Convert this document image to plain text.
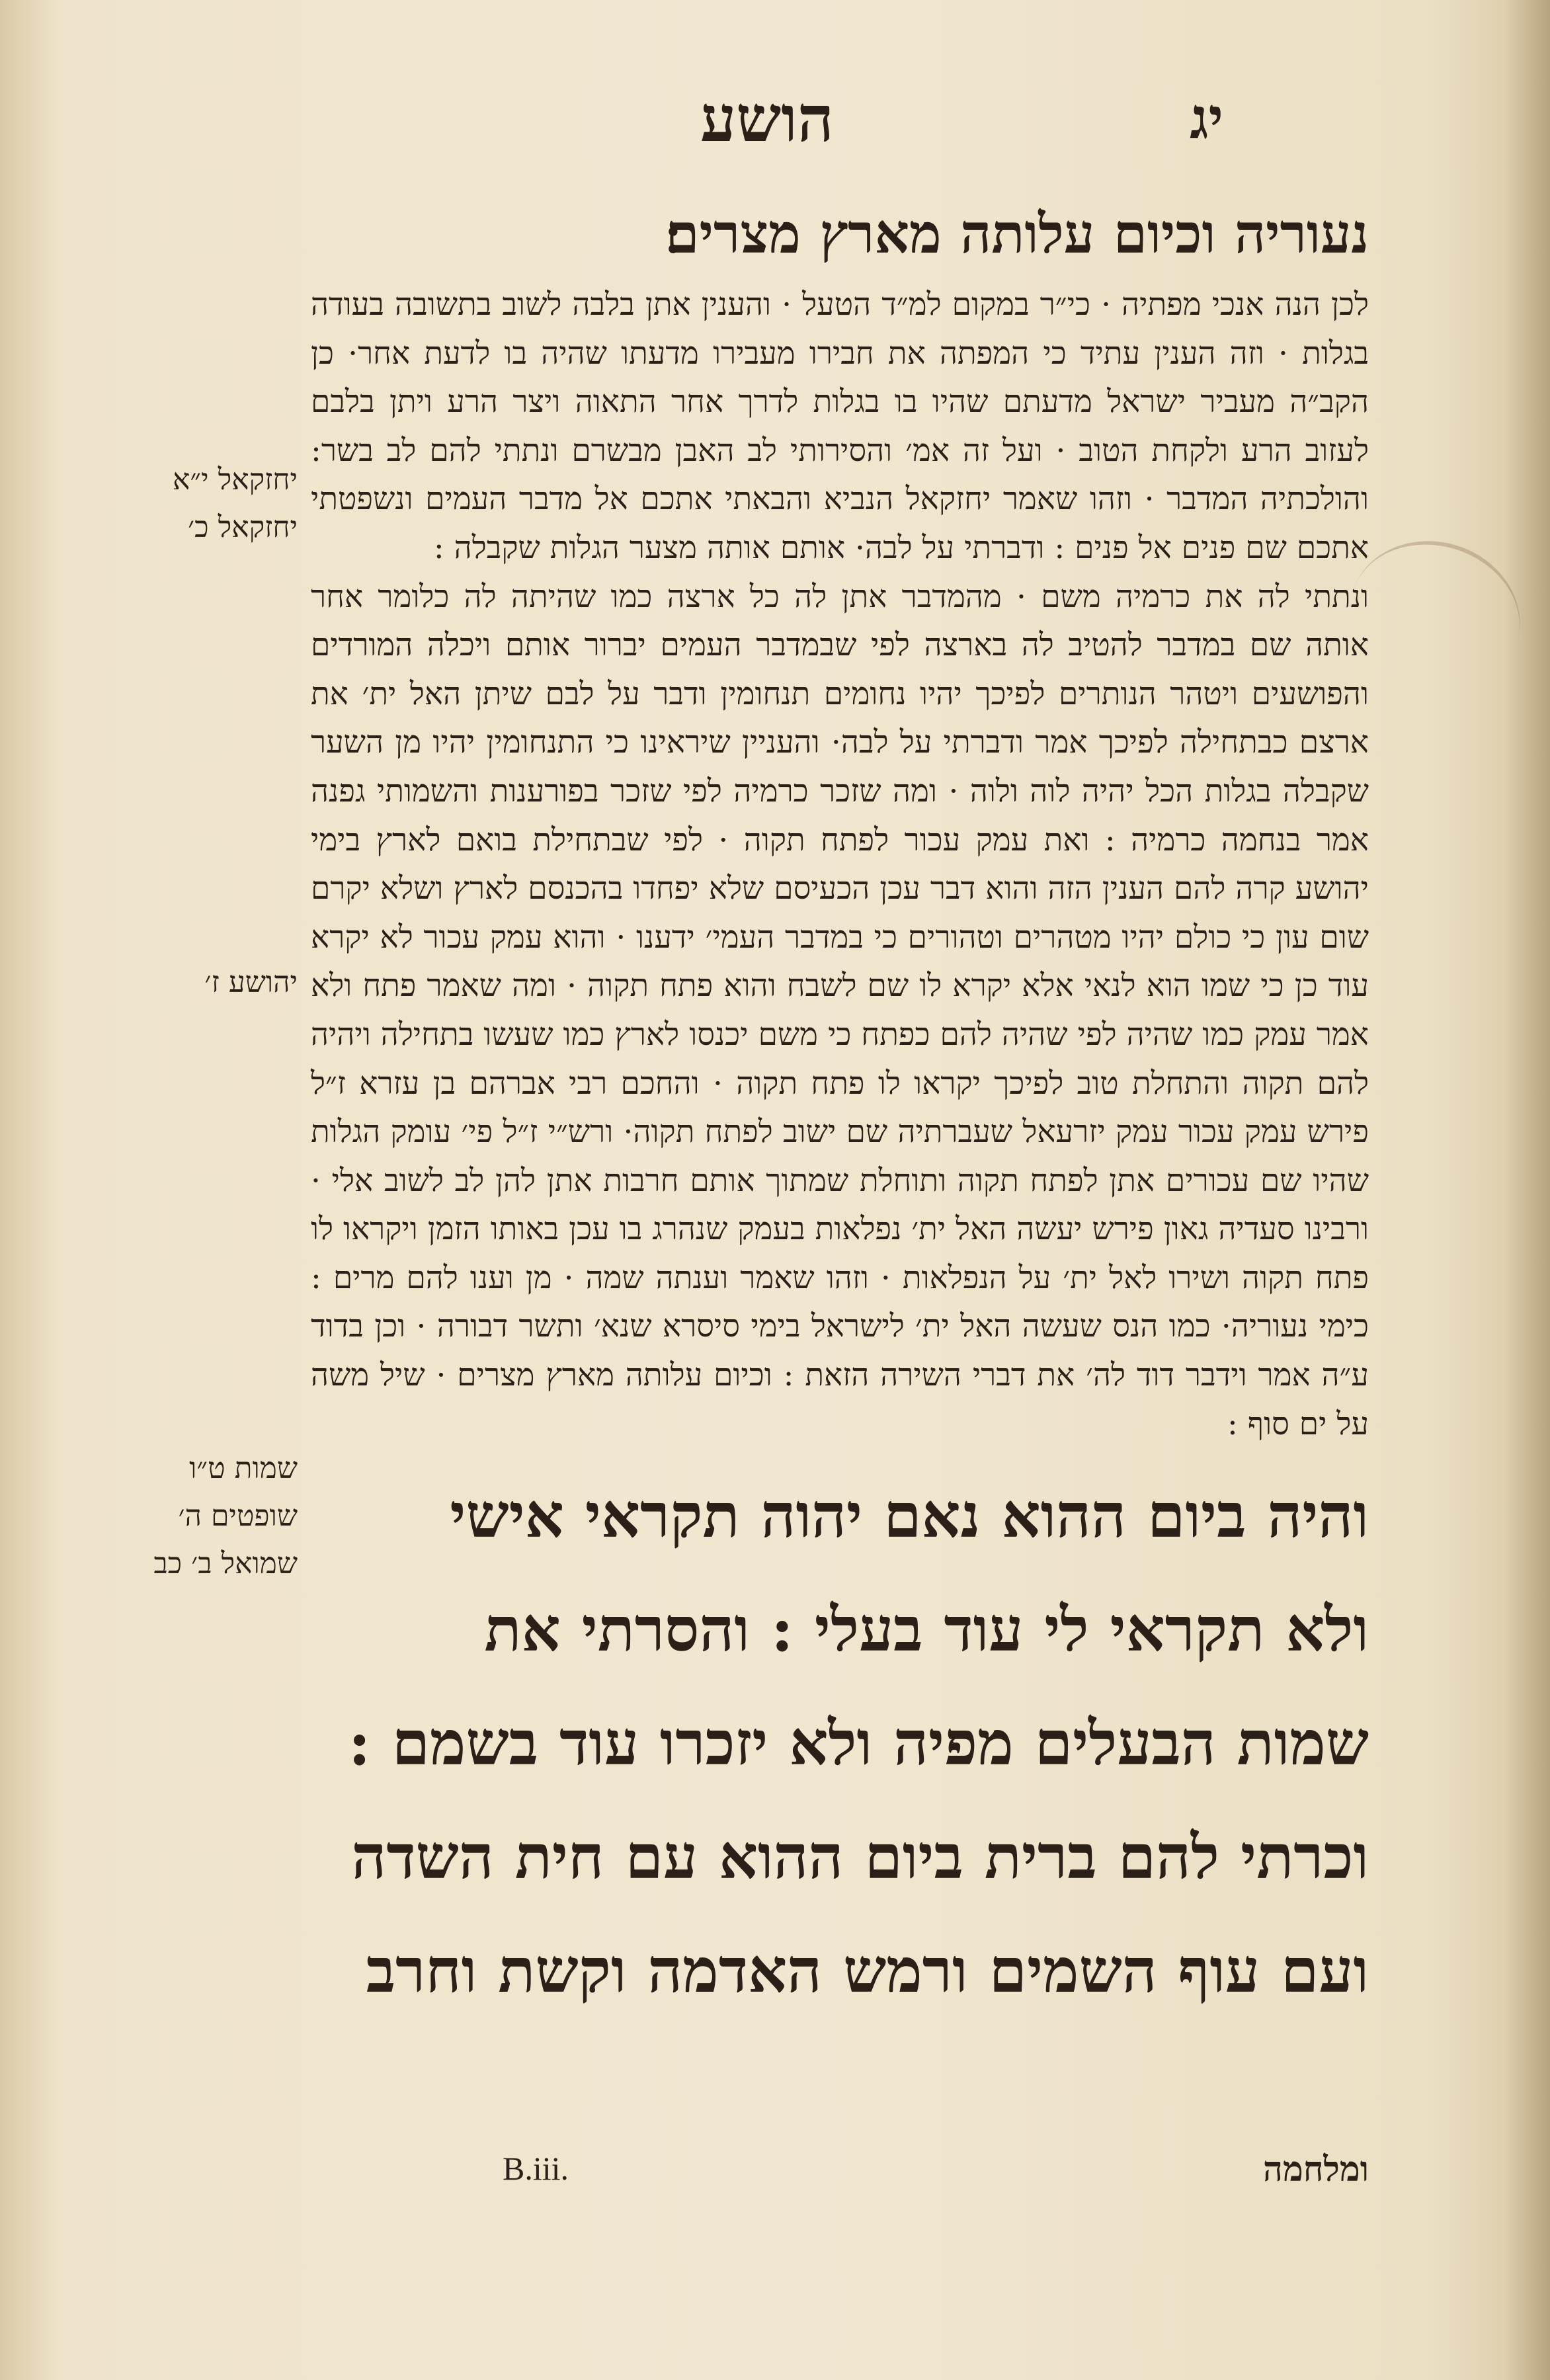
יג
הושע

נעוריה וכיום עלותה מארץ מצרים׃

לכן הנה אנכי מפתיה · כי״ר במקום למ״ד הטעל · והענין אתן בלבה לשוב בתשובה בעודה בגלות · וזה הענין עתיד כי המפתה את חבירו מעבירו מדעתו שהיה בו לדעת אחר· כן הקב״ה מעביר ישראל מדעתם שהיו בו בגלות לדרך אחר התאוה ויצר הרע ויתן בלבם לעזוב הרע ולקחת הטוב · ועל זה אמ׳ והסירותי לב האבן מבשרם ונתתי להם לב בשר: והולכתיה המדבר · וזהו שאמר יחזקאל הנביא והבאתי אתכם אל מדבר העמים ונשפטתי אתכם שם פנים אל פנים : ודברתי על לבה· אותם אותה מצער הגלות שקבלה :

ונתתי לה את כרמיה משם · מהמדבר אתן לה כל ארצה כמו שהיתה לה כלומר אחר אותה שם במדבר להטיב לה בארצה לפי שבמדבר העמים יברור אותם ויכלה המורדים והפושעים ויטהר הנותרים לפיכך יהיו נחומים תנחומין ודבר על לבם שיתן האל ית׳ את ארצם כבתחילה לפיכך אמר ודברתי על לבה· והעניין שיראינו כי התנחומין יהיו מן השער שקבלה בגלות הכל יהיה לוה ולוה · ומה שזכר כרמיה לפי שזכר בפורענות והשמותי גפנה אמר בנחמה כרמיה : ואת עמק עכור לפתח תקוה · לפי שבתחילת בואם לארץ בימי יהושע קרה להם הענין הזה והוא דבר עכן הכעיסם שלא יפחדו בהכנסם לארץ ושלא יקרם שום עון כי כולם יהיו מטהרים וטהורים כי במדבר העמי׳ ידענו · והוא עמק עכור לא יקרא עוד כן כי שמו הוא לנאי אלא יקרא לו שם לשבח והוא פתח תקוה · ומה שאמר פתח ולא אמר עמק כמו שהיה לפי שהיה להם כפתח כי משם יכנסו לארץ כמו שעשו בתחילה ויהיה להם תקוה והתחלת טוב לפיכך יקראו לו פתח תקוה · והחכם רבי אברהם בן עזרא ז״ל פירש עמק עכור עמק יזרעאל שעברתיה שם ישוב לפתח תקוה· ורש״י ז״ל פי׳ עומק הגלות שהיו שם עכורים אתן לפתח תקוה ותוחלת שמתוך אותם חרבות אתן להן לב לשוב אלי · ורבינו סעדיה גאון פירש יעשה האל ית׳ נפלאות בעמק שנהרג בו עכן באותו הזמן ויקראו לו פתח תקוה ושירו לאל ית׳ על הנפלאות · וזהו שאמר וענתה שמה · מן וענו להם מרים : כימי נעוריה· כמו הנס שעשה האל ית׳ לישראל בימי סיסרא שנא׳ ותשר דבורה · וכן בדוד ע״ה אמר וידבר דוד לה׳ את דברי השירה הזאת : וכיום עלותה מארץ מצרים · שיל משה על ים סוף :

והיה ביום ההוא נאם יהוה תקראי אישי

ולא תקראי לי עוד בעלי : והסרתי את

שמות הבעלים מפיה ולא יזכרו עוד בשמם :

וכרתי להם ברית ביום ההוא עם חית השדה

ועם עוף השמים ורמש האדמה וקשת וחרב

יחזקאל י״א
יחזקאל כ׳
יהושע ז׳
שמות ט״ו
שופטים ה׳
שמואל ב׳ כב
B.iii.	ומלחמה
